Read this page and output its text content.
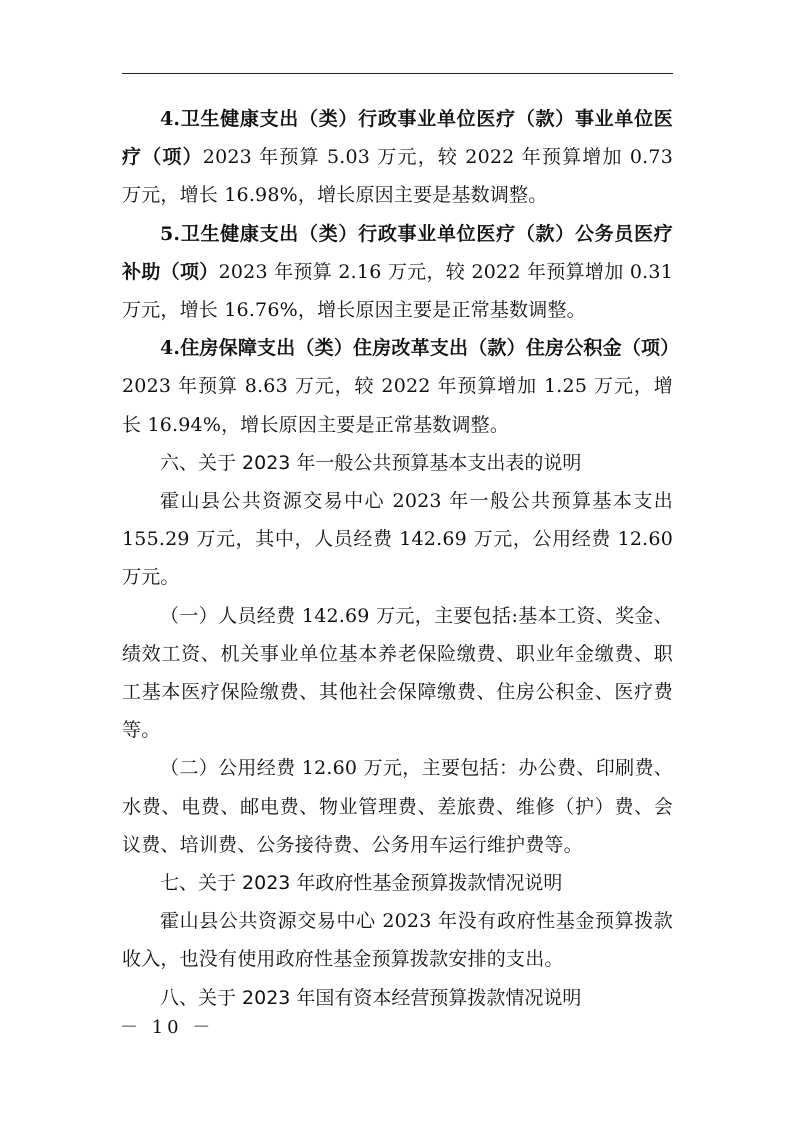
4.卫生健康支出（类）行政事业单位医疗（款）事业单位医疗（项）2023 年预算 5.03 万元，较 2022 年预算增加 0.73 万元，增长 16.98%，增长原因主要是基数调整。

5.卫生健康支出（类）行政事业单位医疗（款）公务员医疗补助（项）2023 年预算 2.16 万元，较 2022 年预算增加 0.31 万元，增长 16.76%，增长原因主要是正常基数调整。

4.住房保障支出（类）住房改革支出（款）住房公积金（项）2023 年预算 8.63 万元，较 2022 年预算增加 1.25 万元，增长 16.94%，增长原因主要是正常基数调整。

六、关于 2023 年一般公共预算基本支出表的说明

霍山县公共资源交易中心 2023 年一般公共预算基本支出 155.29 万元，其中，人员经费 142.69 万元，公用经费 12.60 万元。

（一）人员经费 142.69 万元，主要包括:基本工资、奖金、绩效工资、机关事业单位基本养老保险缴费、职业年金缴费、职工基本医疗保险缴费、其他社会保障缴费、住房公积金、医疗费等。

（二）公用经费 12.60 万元，主要包括：办公费、印刷费、水费、电费、邮电费、物业管理费、差旅费、维修（护）费、会议费、培训费、公务接待费、公务用车运行维护费等。

七、关于 2023 年政府性基金预算拨款情况说明

霍山县公共资源交易中心 2023 年没有政府性基金预算拨款收入，也没有使用政府性基金预算拨款安排的支出。

八、关于 2023 年国有资本经营预算拨款情况说明

－ 10 －
